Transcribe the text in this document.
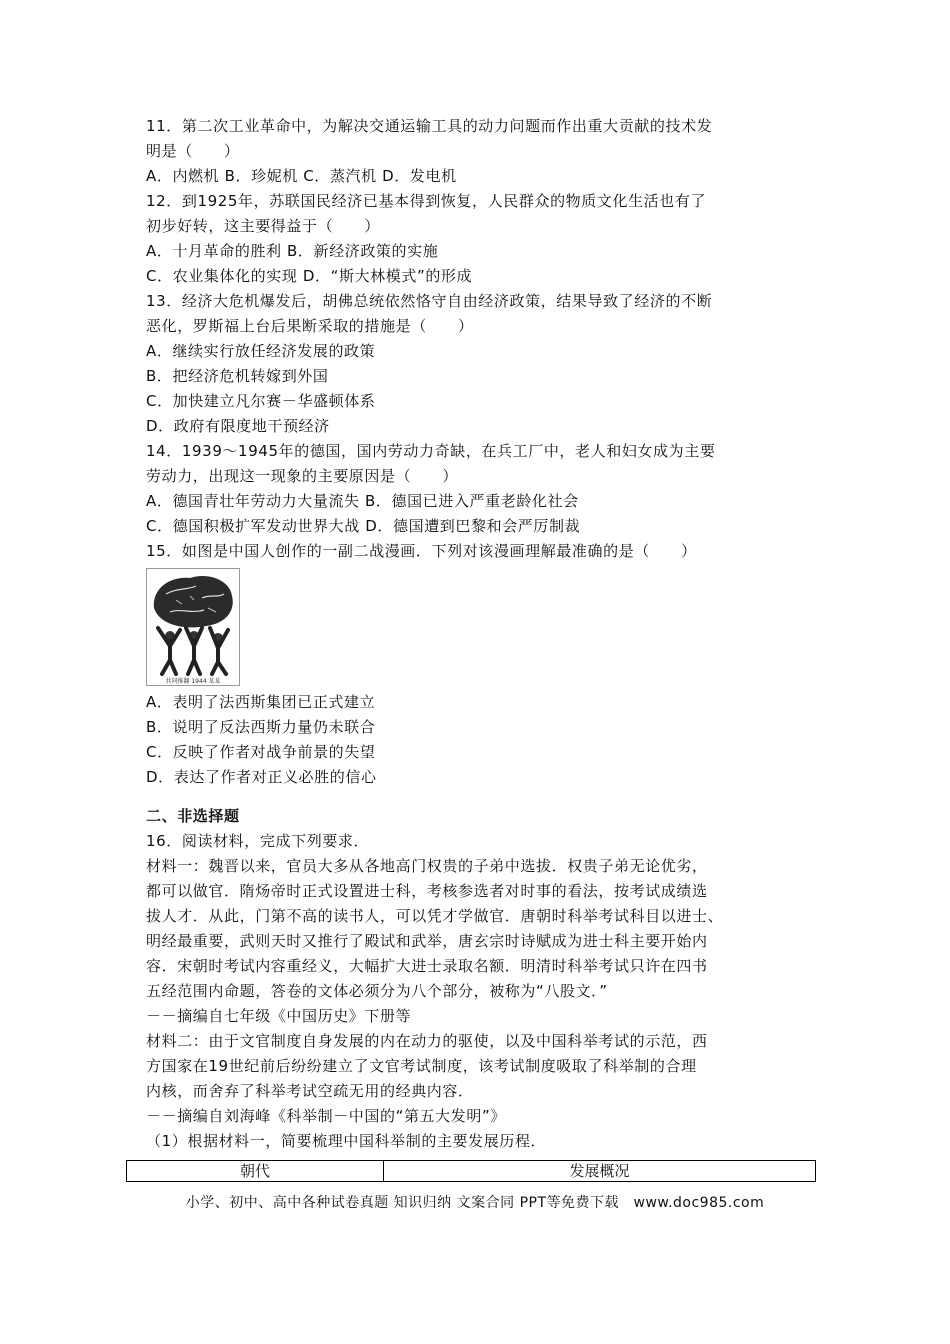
11．第二次工业革命中，为解决交通运输工具的动力问题而作出重大贡献的技术发
明是（　　）
A．内燃机 B．珍妮机 C．蒸汽机 D．发电机
12．到1925年，苏联国民经济已基本得到恢复，人民群众的物质文化生活也有了
初步好转，这主要得益于（　　）
A．十月革命的胜利 B．新经济政策的实施
C．农业集体化的实现 D．“斯大林模式”的形成
13．经济大危机爆发后，胡佛总统依然恪守自由经济政策，结果导致了经济的不断
恶化，罗斯福上台后果断采取的措施是（　　）
A．继续实行放任经济发展的政策
B．把经济危机转嫁到外国
C．加快建立凡尔赛－华盛顿体系
D．政府有限度地干预经济
14．1939～1945年的德国，国内劳动力奇缺，在兵工厂中，老人和妇女成为主要
劳动力，出现这一现象的主要原因是（　　）
A．德国青壮年劳动力大量流失 B．德国已进入严重老龄化社会
C．德国积极扩军发动世界大战 D．德国遭到巴黎和会严厉制裁
15．如图是中国人创作的一副二战漫画．下列对该漫画理解最准确的是（　　）
共同推翻 1944 某某
A．表明了法西斯集团已正式建立
B．说明了反法西斯力量仍未联合
C．反映了作者对战争前景的失望
D．表达了作者对正义必胜的信心
二、非选择题
16．阅读材料，完成下列要求．
材料一：魏晋以来，官员大多从各地高门权贵的子弟中选拔．权贵子弟无论优劣，
都可以做官．隋炀帝时正式设置进士科，考核参选者对时事的看法，按考试成绩选
拔人才．从此，门第不高的读书人，可以凭才学做官．唐朝时科举考试科目以进士、
明经最重要，武则天时又推行了殿试和武举，唐玄宗时诗赋成为进士科主要开始内
容．宋朝时考试内容重经义，大幅扩大进士录取名额．明清时科举考试只许在四书
五经范围内命题，答卷的文体必须分为八个部分，被称为“八股文．”
－－摘编自七年级《中国历史》下册等
材料二：由于文官制度自身发展的内在动力的驱使，以及中国科举考试的示范，西
方国家在19世纪前后纷纷建立了文官考试制度，该考试制度吸取了科举制的合理
内核，而舍弃了科举考试空疏无用的经典内容．
－－摘编自刘海峰《科举制－中国的“第五大发明”》
（1）根据材料一，简要梳理中国科举制的主要发展历程．
朝代	发展概况
小学、初中、高中各种试卷真题 知识归纳 文案合同 PPT等免费下载　www.doc985.com
